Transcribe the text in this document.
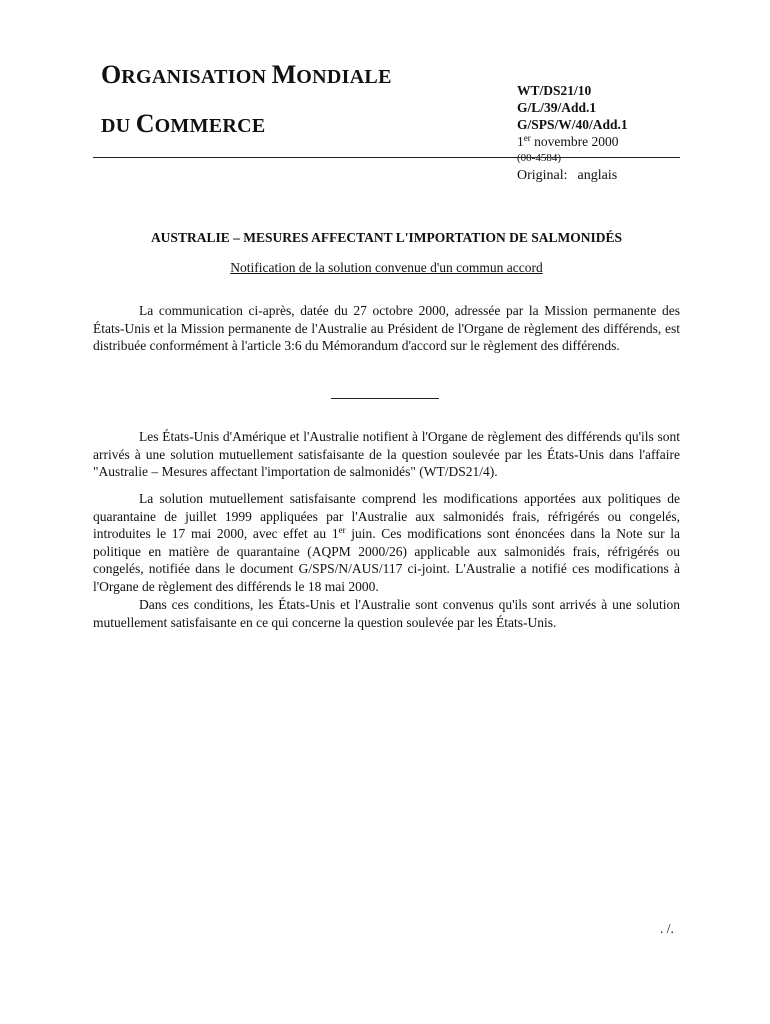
ORGANISATION MONDIALE
DU COMMERCE
WT/DS21/10
G/L/39/Add.1
G/SPS/W/40/Add.1
1er novembre 2000
(00-4584)
Original: anglais
AUSTRALIE – MESURES AFFECTANT L'IMPORTATION DE SALMONIDÉS
Notification de la solution convenue d'un commun accord

La communication ci-après, datée du 27 octobre 2000, adressée par la Mission permanente des États-Unis et la Mission permanente de l'Australie au Président de l'Organe de règlement des différends, est distribuée conformément à l'article 3:6 du Mémorandum d'accord sur le règlement des différends.

Les États-Unis d'Amérique et l'Australie notifient à l'Organe de règlement des différends qu'ils sont arrivés à une solution mutuellement satisfaisante de la question soulevée par les États-Unis dans l'affaire "Australie – Mesures affectant l'importation de salmonidés" (WT/DS21/4).

La solution mutuellement satisfaisante comprend les modifications apportées aux politiques de quarantaine de juillet 1999 appliquées par l'Australie aux salmonidés frais, réfrigérés ou congelés, introduites le 17 mai 2000, avec effet au 1er juin. Ces modifications sont énoncées dans la Note sur la politique en matière de quarantaine (AQPM 2000/26) applicable aux salmonidés frais, réfrigérés ou congelés, notifiée dans le document G/SPS/N/AUS/117 ci-joint. L'Australie a notifié ces modifications à l'Organe de règlement des différends le 18 mai 2000.

Dans ces conditions, les États-Unis et l'Australie sont convenus qu'ils sont arrivés à une solution mutuellement satisfaisante en ce qui concerne la question soulevée par les États-Unis.

. /.
